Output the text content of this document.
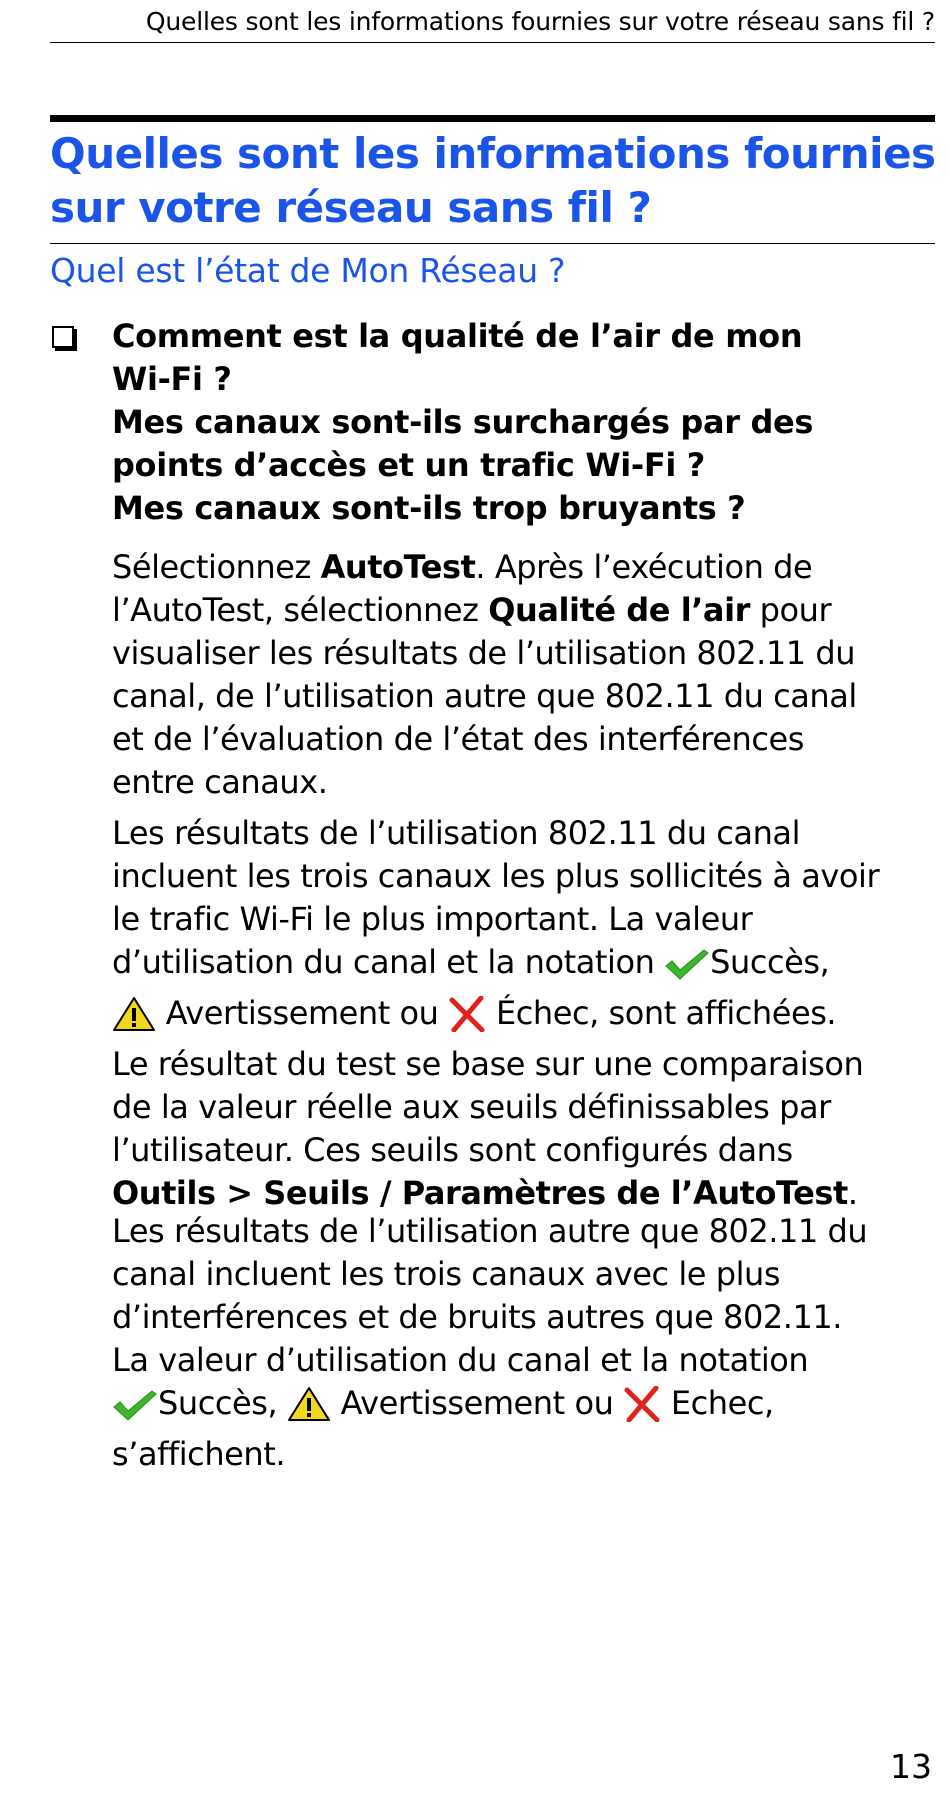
Quelles sont les informations fournies sur votre réseau sans fil ?
Quelles sont les informations fournies
sur votre réseau sans fil ?
Quel est l’état de Mon Réseau ?
Comment est la qualité de l’air de mon
Wi-Fi ?
Mes canaux sont-ils surchargés par des
points d’accès et un trafic Wi-Fi ?
Mes canaux sont-ils trop bruyants ?
Sélectionnez AutoTest. Après l’exécution de
l’AutoTest, sélectionnez Qualité de l’air pour
visualiser les résultats de l’utilisation 802.11 du
canal, de l’utilisation autre que 802.11 du canal
et de l’évaluation de l’état des interférences
entre canaux.
Les résultats de l’utilisation 802.11 du canal
incluent les trois canaux les plus sollicités à avoir
le trafic Wi-Fi le plus important. La valeur
d’utilisation du canal et la notation Succès,
Avertissement ou  Échec, sont affichées.
Le résultat du test se base sur une comparaison
de la valeur réelle aux seuils définissables par
l’utilisateur. Ces seuils sont configurés dans
Outils > Seuils / Paramètres de l’AutoTest.
Les résultats de l’utilisation autre que 802.11 du
canal incluent les trois canaux avec le plus
d’interférences et de bruits autres que 802.11.
La valeur d’utilisation du canal et la notation
Succès,  Avertissement ou  Echec,
s’affichent.
13
